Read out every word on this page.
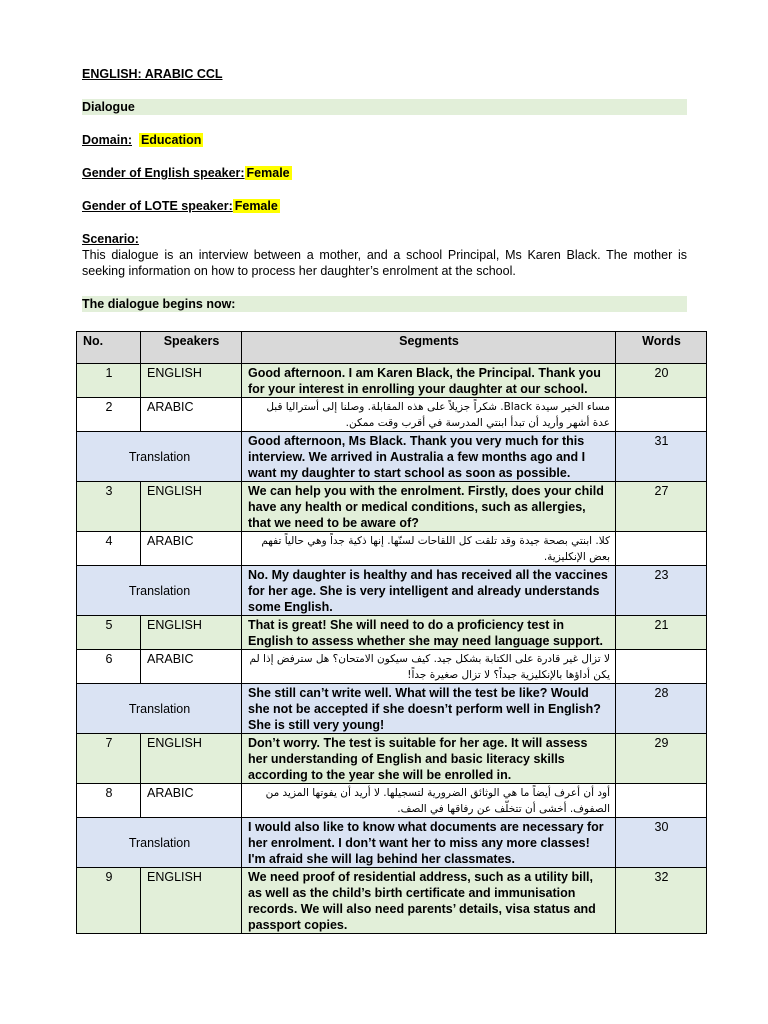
ENGLISH: ARABIC CCL
Dialogue
Domain: Education
Gender of English speaker: Female
Gender of LOTE speaker: Female
Scenario:
This dialogue is an interview between a mother, and a school Principal, Ms Karen Black. The mother is seeking information on how to process her daughter’s enrolment at the school.
The dialogue begins now:
No.	Speakers	Segments	Words
1	ENGLISH	Good afternoon. I am Karen Black, the Principal. Thank you for your interest in enrolling your daughter at our school.	20
2	ARABIC	مساء الخير سيدة Black. شكراً جزيلاً على هذه المقابلة. وصلنا إلى أستراليا قبل عدة أشهر وأريد أن تبدأ ابنتي المدرسة في أقرب وقت ممكن.	
Translation		Good afternoon, Ms Black. Thank you very much for this interview. We arrived in Australia a few months ago and I want my daughter to start school as soon as possible.	31
3	ENGLISH	We can help you with the enrolment. Firstly, does your child have any health or medical conditions, such as allergies, that we need to be aware of?	27
4	ARABIC	كلا. ابنتي بصحة جيدة وقد تلقت كل اللقاحات لسنّها. إنها ذكية جداً وهي حالياً تفهم بعض الإنكليزية.	
Translation		No. My daughter is healthy and has received all the vaccines for her age. She is very intelligent and already understands some English.	23
5	ENGLISH	That is great! She will need to do a proficiency test in English to assess whether she may need language support.	21
6	ARABIC	لا تزال غير قادرة على الكتابة بشكل جيد. كيف سيكون الامتحان؟ هل سترفض إذا لم يكن أداؤها بالإنكليزية جيداً؟ لا تزال صغيرة جداً!	
Translation		She still can’t write well. What will the test be like? Would she not be accepted if she doesn’t perform well in English? She is still very young!	28
7	ENGLISH	Don’t worry. The test is suitable for her age. It will assess her understanding of English and basic literacy skills according to the year she will be enrolled in.	29
8	ARABIC	أود أن أعرف أيضاً ما هي الوثائق الضرورية لتسجيلها. لا أريد أن يفوتها المزيد من الصفوف. أخشى أن تتخلّف عن رفاقها في الصف.	
Translation		I would also like to know what documents are necessary for her enrolment. I don’t want her to miss any more classes! I'm afraid she will lag behind her classmates.	30
9	ENGLISH	We need proof of residential address, such as a utility bill, as well as the child’s birth certificate and immunisation records. We will also need parents’ details, visa status and passport copies.	32
